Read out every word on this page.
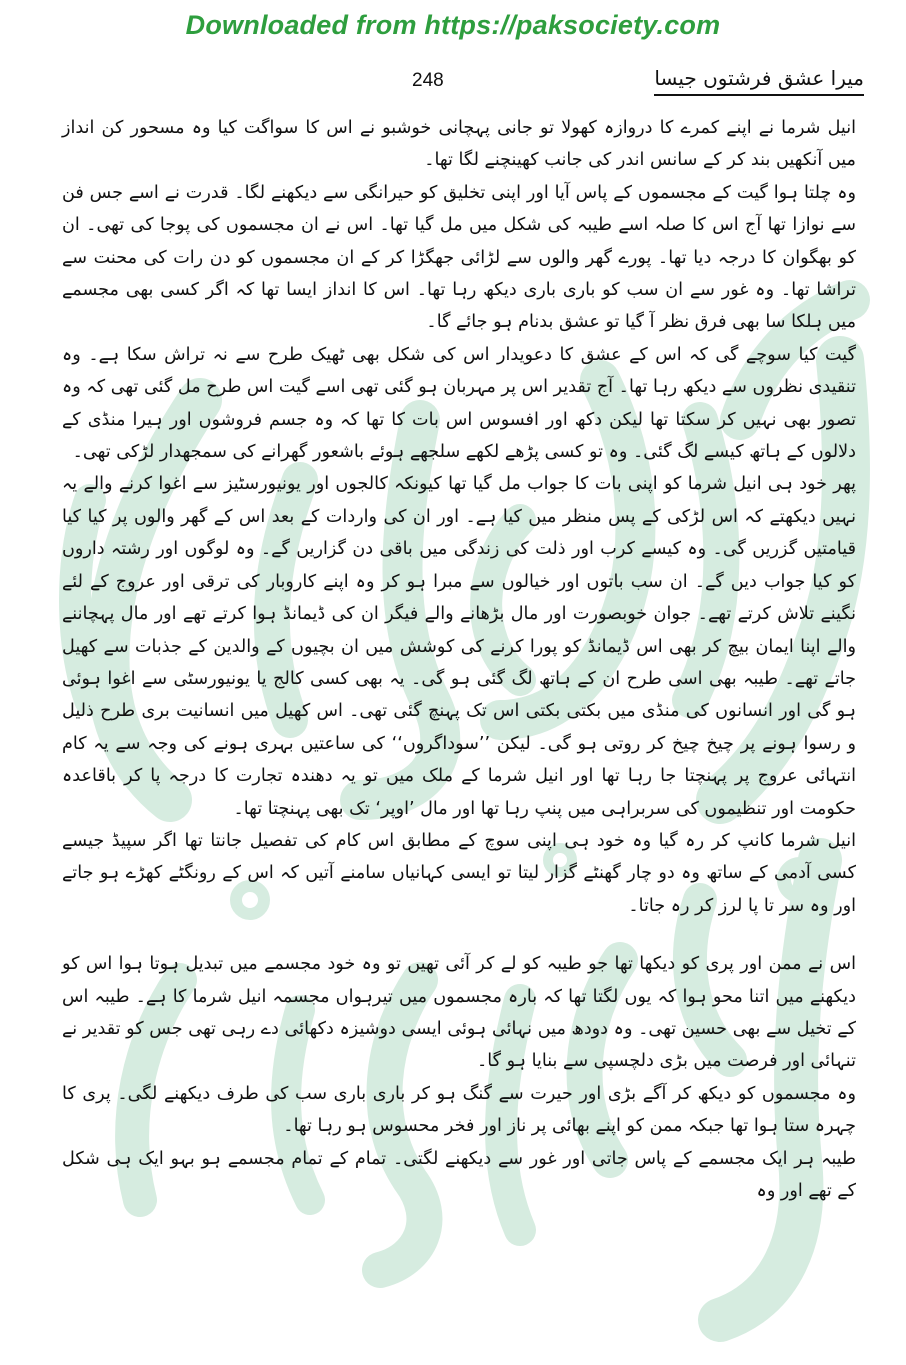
Downloaded from https://paksociety.com
248	میرا عشق فرشتوں جیسا

انیل شرما نے اپنے کمرے کا دروازہ کھولا تو جانی پہچانی خوشبو نے اس کا سواگت کیا وہ مسحور کن انداز میں آنکھیں بند کر کے سانس اندر کی جانب کھینچنے لگا تھا۔

وہ چلتا ہوا گیت کے مجسموں کے پاس آیا اور اپنی تخلیق کو حیرانگی سے دیکھنے لگا۔ قدرت نے اسے جس فن سے نوازا تھا آج اس کا صلہ اسے طیبہ کی شکل میں مل گیا تھا۔ اس نے ان مجسموں کی پوجا کی تھی۔ ان کو بھگوان کا درجہ دیا تھا۔ پورے گھر والوں سے لڑائی جھگڑا کر کے ان مجسموں کو دن رات کی محنت سے تراشا تھا۔ وہ غور سے ان سب کو باری باری دیکھ رہا تھا۔ اس کا انداز ایسا تھا کہ اگر کسی بھی مجسمے میں ہلکا سا بھی فرق نظر آ گیا تو عشق بدنام ہو جائے گا۔

گیت کیا سوچے گی کہ اس کے عشق کا دعویدار اس کی شکل بھی ٹھیک طرح سے نہ تراش سکا ہے۔ وہ تنقیدی نظروں سے دیکھ رہا تھا۔ آج تقدیر اس پر مہربان ہو گئی تھی اسے گیت اس طرح مل گئی تھی کہ وہ تصور بھی نہیں کر سکتا تھا لیکن دکھ اور افسوس اس بات کا تھا کہ وہ جسم فروشوں اور ہیرا منڈی کے دلالوں کے ہاتھ کیسے لگ گئی۔ وہ تو کسی پڑھے لکھے سلجھے ہوئے باشعور گھرانے کی سمجھدار لڑکی تھی۔

پھر خود ہی انیل شرما کو اپنی بات کا جواب مل گیا تھا کیونکہ کالجوں اور یونیورسٹیز سے اغوا کرنے والے یہ نہیں دیکھتے کہ اس لڑکی کے پس منظر میں کیا ہے۔ اور ان کی واردات کے بعد اس کے گھر والوں پر کیا کیا قیامتیں گزریں گی۔ وہ کیسے کرب اور ذلت کی زندگی میں باقی دن گزاریں گے۔ وہ لوگوں اور رشتہ داروں کو کیا جواب دیں گے۔ ان سب باتوں اور خیالوں سے مبرا ہو کر وہ اپنے کاروبار کی ترقی اور عروج کے لئے نگینے تلاش کرتے تھے۔ جوان خوبصورت اور مال بڑھانے والے فیگر ان کی ڈیمانڈ ہوا کرتے تھے اور مال پہچاننے والے اپنا ایمان بیچ کر بھی اس ڈیمانڈ کو پورا کرنے کی کوشش میں ان بچیوں کے والدین کے جذبات سے کھیل جاتے تھے۔ طیبہ بھی اسی طرح ان کے ہاتھ لگ گئی ہو گی۔ یہ بھی کسی کالج یا یونیورسٹی سے اغوا ہوئی ہو گی اور انسانوں کی منڈی میں بکتی بکتی اس تک پہنچ گئی تھی۔ اس کھیل میں انسانیت بری طرح ذلیل و رسوا ہونے پر چیخ چیخ کر روتی ہو گی۔ لیکن ’’سوداگروں‘‘ کی ساعتیں بہری ہونے کی وجہ سے یہ کام انتہائی عروج پر پہنچتا جا رہا تھا اور انیل شرما کے ملک میں تو یہ دھندہ تجارت کا درجہ پا کر باقاعدہ حکومت اور تنظیموں کی سربراہی میں پنپ رہا تھا اور مال ’اوپر‘ تک بھی پہنچتا تھا۔

انیل شرما کانپ کر رہ گیا وہ خود ہی اپنی سوچ کے مطابق اس کام کی تفصیل جانتا تھا اگر سپیڈ جیسے کسی آدمی کے ساتھ وہ دو چار گھنٹے گزار لیتا تو ایسی کہانیاں سامنے آتیں کہ اس کے رونگٹے کھڑے ہو جاتے اور وہ سر تا پا لرز کر رہ جاتا۔

اس نے ممن اور پری کو دیکھا تھا جو طیبہ کو لے کر آئی تھیں تو وہ خود مجسمے میں تبدیل ہوتا ہوا اس کو دیکھنے میں اتنا محو ہوا کہ یوں لگتا تھا کہ بارہ مجسموں میں تیرہواں مجسمہ انیل شرما کا ہے۔ طیبہ اس کے تخیل سے بھی حسین تھی۔ وہ دودھ میں نہائی ہوئی ایسی دوشیزہ دکھائی دے رہی تھی جس کو تقدیر نے تنہائی اور فرصت میں بڑی دلچسپی سے بنایا ہو گا۔

وہ مجسموں کو دیکھ کر آگے بڑی اور حیرت سے گنگ ہو کر باری باری سب کی طرف دیکھنے لگی۔ پری کا چہرہ ستا ہوا تھا جبکہ ممن کو اپنے بھائی پر ناز اور فخر محسوس ہو رہا تھا۔

طیبہ ہر ایک مجسمے کے پاس جاتی اور غور سے دیکھنے لگتی۔ تمام کے تمام مجسمے ہو بہو ایک ہی شکل کے تھے اور وہ
